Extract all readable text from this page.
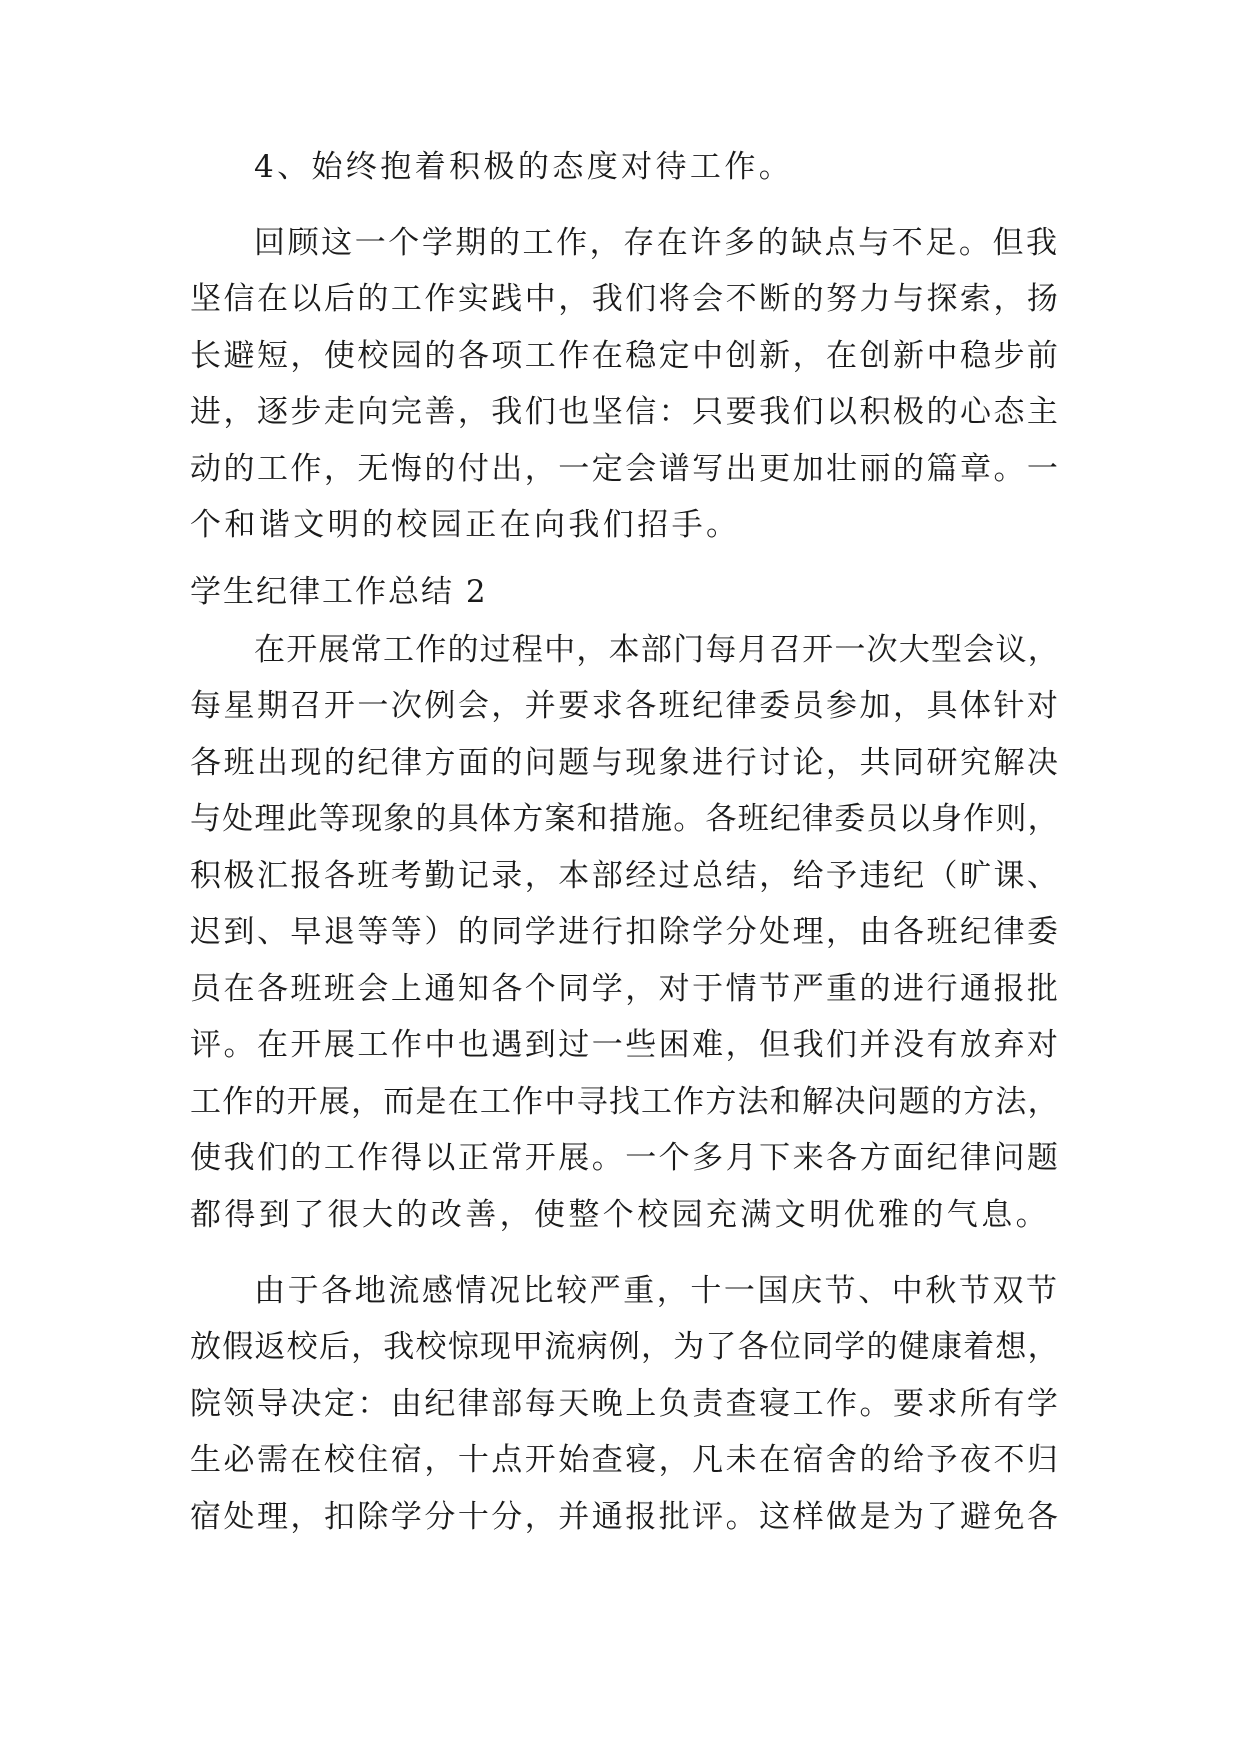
4、始终抱着积极的态度对待工作。
回顾这一个学期的工作，存在许多的缺点与不足。但我
坚信在以后的工作实践中，我们将会不断的努力与探索，扬
长避短，使校园的各项工作在稳定中创新，在创新中稳步前
进，逐步走向完善，我们也坚信：只要我们以积极的心态主
动的工作，无悔的付出，一定会谱写出更加壮丽的篇章。一
个和谐文明的校园正在向我们招手。
学生纪律工作总结 2
在开展常工作的过程中，本部门每月召开一次大型会议，
每星期召开一次例会，并要求各班纪律委员参加，具体针对
各班出现的纪律方面的问题与现象进行讨论，共同研究解决
与处理此等现象的具体方案和措施。各班纪律委员以身作则，
积极汇报各班考勤记录，本部经过总结，给予违纪（旷课、
迟到、早退等等）的同学进行扣除学分处理，由各班纪律委
员在各班班会上通知各个同学，对于情节严重的进行通报批
评。在开展工作中也遇到过一些困难，但我们并没有放弃对
工作的开展，而是在工作中寻找工作方法和解决问题的方法，
使我们的工作得以正常开展。一个多月下来各方面纪律问题
都得到了很大的改善，使整个校园充满文明优雅的气息。
由于各地流感情况比较严重，十一国庆节、中秋节双节
放假返校后，我校惊现甲流病例，为了各位同学的健康着想，
院领导决定：由纪律部每天晚上负责查寝工作。要求所有学
生必需在校住宿，十点开始查寝，凡未在宿舍的给予夜不归
宿处理，扣除学分十分，并通报批评。这样做是为了避免各
